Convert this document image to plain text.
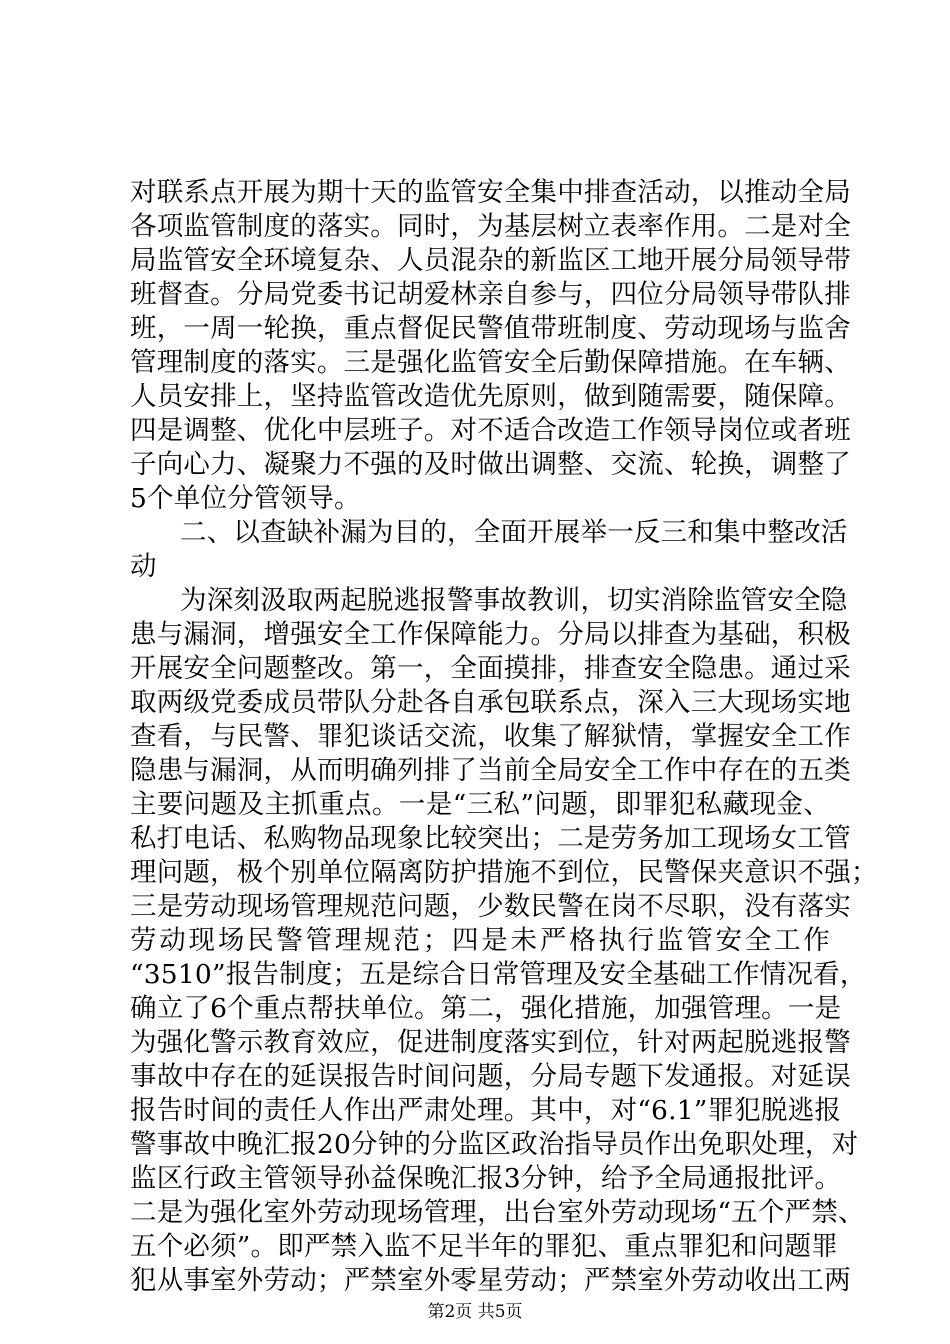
对联系点开展为期十天的监管安全集中排查活动，以推动全局
各项监管制度的落实。同时，为基层树立表率作用。二是对全
局监管安全环境复杂、人员混杂的新监区工地开展分局领导带
班督查。分局党委书记胡爱林亲自参与，四位分局领导带队排
班，一周一轮换，重点督促民警值带班制度、劳动现场与监舍
管理制度的落实。三是强化监管安全后勤保障措施。在车辆、
人员安排上，坚持监管改造优先原则，做到随需要，随保障。
四是调整、优化中层班子。对不适合改造工作领导岗位或者班
子向心力、凝聚力不强的及时做出调整、交流、轮换，调整了
5个单位分管领导。
二、以查缺补漏为目的，全面开展举一反三和集中整改活
动
为深刻汲取两起脱逃报警事故教训，切实消除监管安全隐
患与漏洞，增强安全工作保障能力。分局以排查为基础，积极
开展安全问题整改。第一，全面摸排，排查安全隐患。通过采
取两级党委成员带队分赴各自承包联系点，深入三大现场实地
查看，与民警、罪犯谈话交流，收集了解狱情，掌握安全工作
隐患与漏洞，从而明确列排了当前全局安全工作中存在的五类
主要问题及主抓重点。一是“三私”问题，即罪犯私藏现金、
私打电话、私购物品现象比较突出；二是劳务加工现场女工管
理问题，极个别单位隔离防护措施不到位，民警保夹意识不强；
三是劳动现场管理规范问题，少数民警在岗不尽职，没有落实
劳动现场民警管理规范；四是未严格执行监管安全工作
“3510”报告制度；五是综合日常管理及安全基础工作情况看，
确立了6个重点帮扶单位。第二，强化措施，加强管理。一是
为强化警示教育效应，促进制度落实到位，针对两起脱逃报警
事故中存在的延误报告时间问题，分局专题下发通报。对延误
报告时间的责任人作出严肃处理。其中，对“6.1”罪犯脱逃报
警事故中晚汇报20分钟的分监区政治指导员作出免职处理，对
监区行政主管领导孙益保晚汇报3分钟，给予全局通报批评。
二是为强化室外劳动现场管理，出台室外劳动现场“五个严禁、
五个必须”。即严禁入监不足半年的罪犯、重点罪犯和问题罪
犯从事室外劳动；严禁室外零星劳动；严禁室外劳动收出工两
第2页 共5页
